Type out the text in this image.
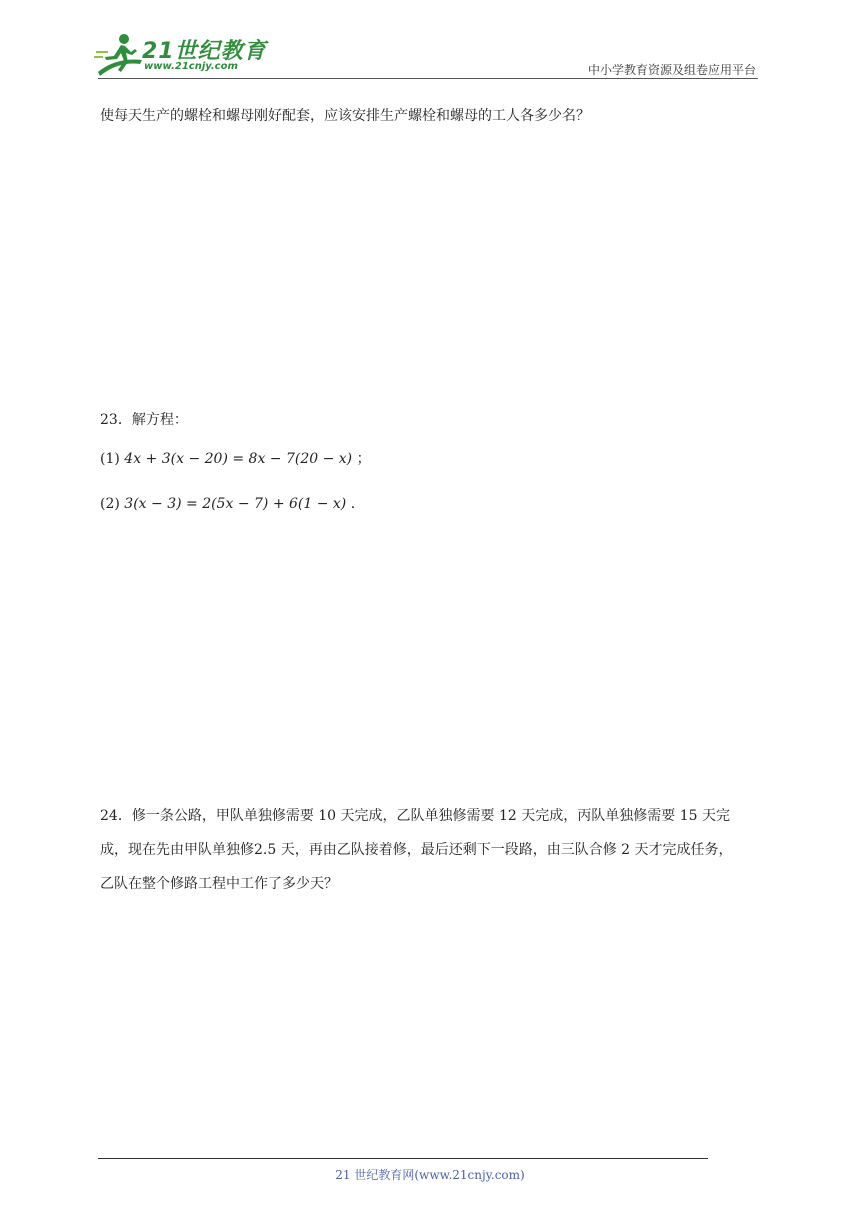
21世纪教育
www.21cnjy.com	中小学教育资源及组卷应用平台
使每天生产的螺栓和螺母刚好配套，应该安排生产螺栓和螺母的工人各多少名？
23．解方程：
(1) 4x + 3(x − 20) = 8x − 7(20 − x) ；
(2) 3(x − 3) = 2(5x − 7) + 6(1 − x) ．
24．修一条公路，甲队单独修需要 10 天完成，乙队单独修需要 12 天完成，丙队单独修需要 15 天完
成，现在先由甲队单独修2.5 天，再由乙队接着修，最后还剩下一段路，由三队合修 2 天才完成任务，
乙队在整个修路工程中工作了多少天？
21 世纪教育网(www.21cnjy.com)
